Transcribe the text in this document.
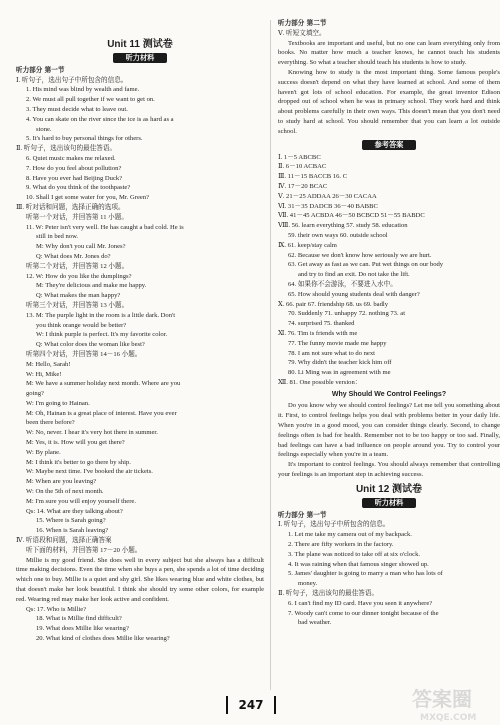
Unit 11 测试卷
听力材料
听力部分 第一节
Ⅰ. 听句子，选出句子中所包含的信息。
1. His mind was blind by wealth and fame.
2. We must all pull together if we want to get on.
3. They must decide what to leave out.
4. You can skate on the river since the ice is as hard as a
stone.
5. It's hard to buy personal things for others.
Ⅱ. 听句子，选出该句的最佳答语。
6. Quiet music makes me relaxed.
7. How do you feel about pollution?
8. Have you ever had Beijing Duck?
9. What do you think of the toothpaste?
10. Shall I get some water for you, Mr. Green?
Ⅲ. 听对话和问题，选择正确的选项。
听第一个对话，并回答第 11 小题。
11. W: Peter isn't very well. He has caught a bad cold. He is
still in bed now.
M: Why don't you call Mr. Jones?
Q: What does Mr. Jones do?
听第二个对话，并回答第 12 小题。
12. W: How do you like the dumplings?
M: They're delicious and make me happy.
Q: What makes the man happy?
听第三个对话，并回答第 13 小题。
13. M: The purple light in the room is a little dark. Don't
you think orange would be better?
W: I think purple is perfect. It's my favorite color.
Q: What color does the woman like best?
听第四个对话，并回答第 14－16 小题。
M: Hello, Sarah!
W: Hi, Mike!
M: We have a summer holiday next month. Where are you
going?
W: I'm going to Hainan.
M: Oh, Hainan is a great place of interest. Have you ever
been there before?
W: No, never. I hear it's very hot there in summer.
M: Yes, it is. How will you get there?
W: By plane.
M: I think it's better to go there by ship.
W: Maybe next time. I've booked the air tickets.
M: When are you leaving?
W: On the 5th of next month.
M: I'm sure you will enjoy yourself there.
Qs: 14. What are they talking about?
15. Where is Sarah going?
16. When is Sarah leaving?
Ⅳ. 听语段和问题，选择正确答案
听下面的材料，并回答第 17－20 小题。
Millie is my good friend. She does well in every subject but she always has a difficult time making decisions. Even the time when she buys a pen, she spends a lot of time deciding which one to buy. Millie is a quiet and shy girl. She likes wearing blue and white clothes, but that doesn't make her look beautiful. I think she should try some other colors, for example red. Wearing red may make her look active and confident.
Qs: 17. Who is Millie?
18. What is Millie find difficult?
19. What does Millie like wearing?
20. What kind of clothes does Millie like wearing?
听力部分 第二节
Ⅴ. 听短文填空。
Textbooks are important and useful, but no one can learn everything only from books. No matter how much a teacher knows, he cannot teach his students everything. So what a teacher should teach his students is how to study.
Knowing how to study is the most important thing. Some famous people's success doesn't depend on what they have learned at school. And some of them haven't got lots of school education. For example, the great inventor Edison dropped out of school when he was in primary school. They work hard and think about problems carefully in their own ways. This doesn't mean that you don't need to study hard at school. You should remember that you can learn a lot outside school.
参考答案
Ⅰ. 1－5 ABCBC
Ⅱ. 6－10 ACBAC
Ⅲ. 11－15 BACCB 16. C
Ⅳ. 17－20 BCAC
Ⅴ. 21－25 ADDAA 26－30 CACAA
Ⅵ. 31－35 DADCB 36－40 BABBC
Ⅶ. 41－45 ACBDA 46－50 BCBCD 51－55 BABDC
Ⅷ. 56. learn everything 57. study 58. education
59. their own ways 60. outside school
Ⅸ. 61. keep/stay calm
62. Because we don't know how seriously we are hurt.
63. Get away as fast as we can. Put wet things on our body
and try to find an exit. Do not take the lift.
64. 如果你不会游泳，不要进入水中。
65. How should young students deal with danger?
Ⅹ. 66. pair 67. friendship 68. us 69. badly
70. Suddenly 71. unhappy 72. nothing 73. at
74. surprised 75. thanked
Ⅺ. 76. Tim is friends with me
77. The funny movie made me happy
78. I am not sure what to do next
79. Why didn't the teacher kick him off
80. Li Ming was in agreement with me
Ⅻ. 81. One possible version：
Why Should We Control Feelings?
Do you know why we should control feelings? Let me tell you something about it. First, to control feelings helps you deal with problems better in your daily life. When you're in a good mood, you can consider things clearly. Second, to change feelings often is bad for health. Remember not to be too happy or too sad. Finally, bad feelings can have a bad influence on people around you. Try to control your feelings especially when you're in a team.
It's important to control feelings. You should always remember that controlling your feelings is an important step in achieving success.
Unit 12 测试卷
听力材料
听力部分 第一节
Ⅰ. 听句子，选出句子中所包含的信息。
1. Let me take my camera out of my backpack.
2. There are fifty workers in the factory.
3. The plane was noticed to take off at six o'clock.
4. It was raining when that famous singer showed up.
5. James' daughter is going to marry a man who has lots of
money.
Ⅱ. 听句子，选出该句的最佳答语。
6. I can't find my ID card. Have you seen it anywhere?
7. Woody can't come to our dinner tonight because of the
bad weather.
247	答案圈
MXQE.COM
